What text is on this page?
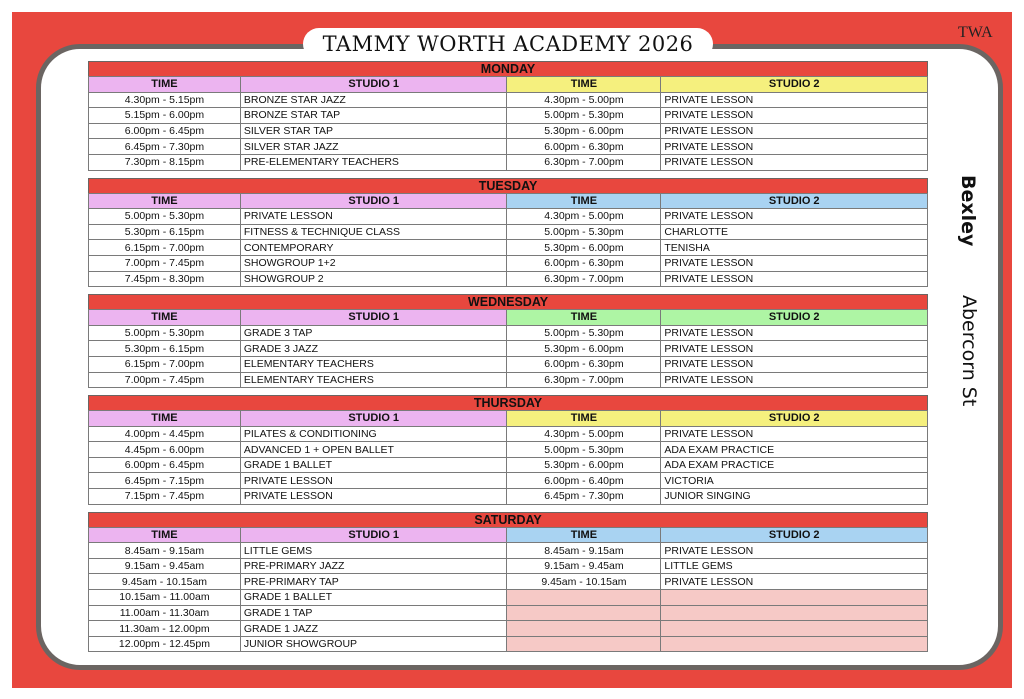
TAMMY WORTH ACADEMY 2026	TWA
Bexley
Abercorn St
MONDAY
TIME	STUDIO 1	TIME	STUDIO 2
4.30pm - 5.15pm	BRONZE STAR JAZZ	4.30pm - 5.00pm	PRIVATE LESSON
5.15pm - 6.00pm	BRONZE STAR TAP	5.00pm - 5.30pm	PRIVATE LESSON
6.00pm - 6.45pm	SILVER STAR TAP	5.30pm - 6.00pm	PRIVATE LESSON
6.45pm - 7.30pm	SILVER STAR JAZZ	6.00pm - 6.30pm	PRIVATE LESSON
7.30pm - 8.15pm	PRE-ELEMENTARY TEACHERS	6.30pm - 7.00pm	PRIVATE LESSON
TUESDAY
TIME	STUDIO 1	TIME	STUDIO 2
5.00pm - 5.30pm	PRIVATE LESSON	4.30pm - 5.00pm	PRIVATE LESSON
5.30pm - 6.15pm	FITNESS & TECHNIQUE CLASS	5.00pm - 5.30pm	CHARLOTTE
6.15pm - 7.00pm	CONTEMPORARY	5.30pm - 6.00pm	TENISHA
7.00pm - 7.45pm	SHOWGROUP 1+2	6.00pm - 6.30pm	PRIVATE LESSON
7.45pm - 8.30pm	SHOWGROUP 2	6.30pm - 7.00pm	PRIVATE LESSON
WEDNESDAY
TIME	STUDIO 1	TIME	STUDIO 2
5.00pm - 5.30pm	GRADE 3 TAP	5.00pm - 5.30pm	PRIVATE LESSON
5.30pm - 6.15pm	GRADE 3 JAZZ	5.30pm - 6.00pm	PRIVATE LESSON
6.15pm - 7.00pm	ELEMENTARY TEACHERS	6.00pm - 6.30pm	PRIVATE LESSON
7.00pm - 7.45pm	ELEMENTARY TEACHERS	6.30pm - 7.00pm	PRIVATE LESSON
THURSDAY
TIME	STUDIO 1	TIME	STUDIO 2
4.00pm - 4.45pm	PILATES & CONDITIONING	4.30pm - 5.00pm	PRIVATE LESSON
4.45pm - 6.00pm	ADVANCED 1 + OPEN BALLET	5.00pm - 5.30pm	ADA EXAM PRACTICE
6.00pm - 6.45pm	GRADE 1 BALLET	5.30pm - 6.00pm	ADA EXAM PRACTICE
6.45pm - 7.15pm	PRIVATE LESSON	6.00pm - 6.40pm	VICTORIA
7.15pm - 7.45pm	PRIVATE LESSON	6.45pm - 7.30pm	JUNIOR SINGING
SATURDAY
TIME	STUDIO 1	TIME	STUDIO 2
8.45am - 9.15am	LITTLE GEMS	8.45am - 9.15am	PRIVATE LESSON
9.15am - 9.45am	PRE-PRIMARY JAZZ	9.15am - 9.45am	LITTLE GEMS
9.45am - 10.15am	PRE-PRIMARY TAP	9.45am - 10.15am	PRIVATE LESSON
10.15am - 11.00am	GRADE 1 BALLET		
11.00am - 11.30am	GRADE 1 TAP		
11.30am - 12.00pm	GRADE 1 JAZZ		
12.00pm - 12.45pm	JUNIOR SHOWGROUP		
